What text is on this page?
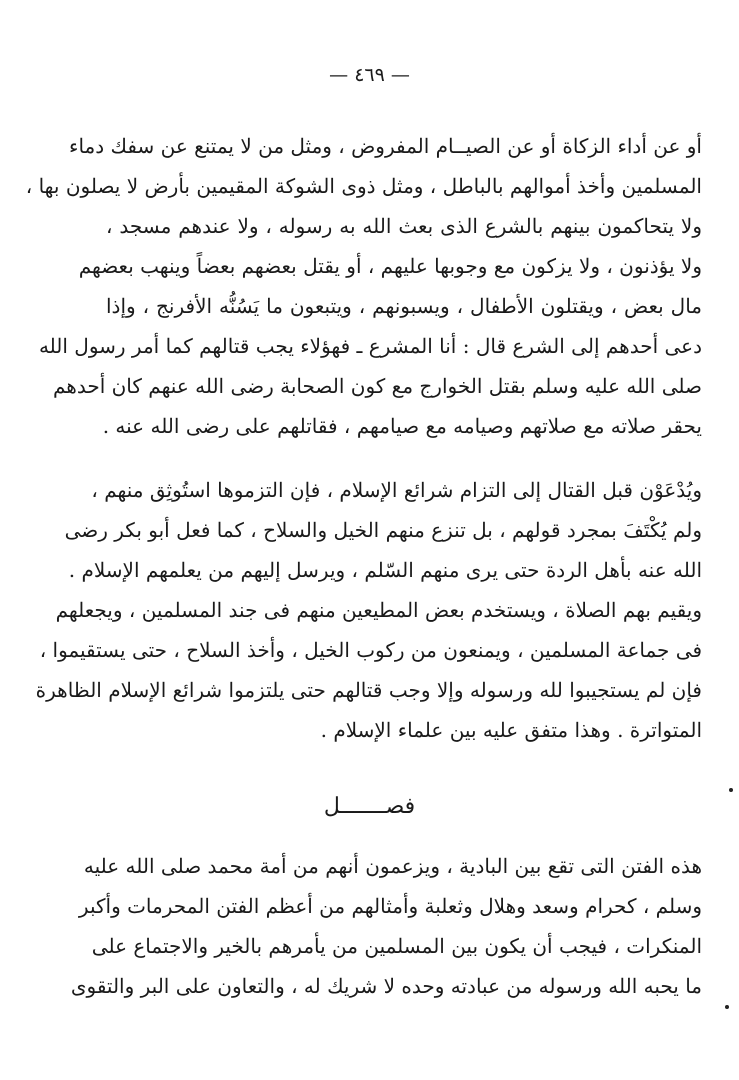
— ٤٦٩ —
أو عن أداء الزكاة أو عن الصيــام المفروض ، ومثل من لا يمتنع عن سفك دماء
المسلمين وأخذ أموالهم بالباطل ، ومثل ذوى الشوكة المقيمين بأرض لا يصلون بها ،
ولا يتحاكمون بينهم بالشرع الذى بعث الله به رسوله ، ولا عندهم مسجد ،
ولا يؤذنون ، ولا يزكون مع وجوبها عليهم ، أو يقتل بعضهم بعضاً وينهب بعضهم
مال بعض ، ويقتلون الأطفال ، ويسبونهم ، ويتبعون ما يَسُنُّه الأفرنج ، وإذا
دعى أحدهم إلى الشرع قال : أنا المشرع ـ فهؤلاء يجب قتالهم كما أمر رسول الله
صلى الله عليه وسلم بقتل الخوارج مع كون الصحابة رضى الله عنهم كان أحدهم
يحقر صلاته مع صلاتهم وصيامه مع صيامهم ، فقاتلهم على رضى الله عنه .
ويُدْعَوْن قبل القتال إلى التزام شرائع الإسلام ، فإن التزموها استُوثِق منهم ،
ولم يُكْتَفَ بمجرد قولهم ، بل تنزع منهم الخيل والسلاح ، كما فعل أبو بكر رضى
الله عنه بأهل الردة حتى يرى منهم السّلم ، ويرسل إليهم من يعلمهم الإسلام .
ويقيم بهم الصلاة ، ويستخدم بعض المطيعين منهم فى جند المسلمين ، ويجعلهم
فى جماعة المسلمين ، ويمنعون من ركوب الخيل ، وأخذ السلاح ، حتى يستقيموا ،
فإن لم يستجيبوا لله ورسوله وإلا وجب قتالهم حتى يلتزموا شرائع الإسلام الظاهرة
المتواترة . وهذا متفق عليه بين علماء الإسلام .
فصـــــــل
هذه الفتن التى تقع بين البادية ، ويزعمون أنهم من أمة محمد صلى الله عليه
وسلم ، كحرام وسعد وهلال وثعلبة وأمثالهم من أعظم الفتن المحرمات وأكبر
المنكرات ، فيجب أن يكون بين المسلمين من يأمرهم بالخير والاجتماع على
ما يحبه الله ورسوله من عبادته وحده لا شريك له ، والتعاون على البر والتقوى
